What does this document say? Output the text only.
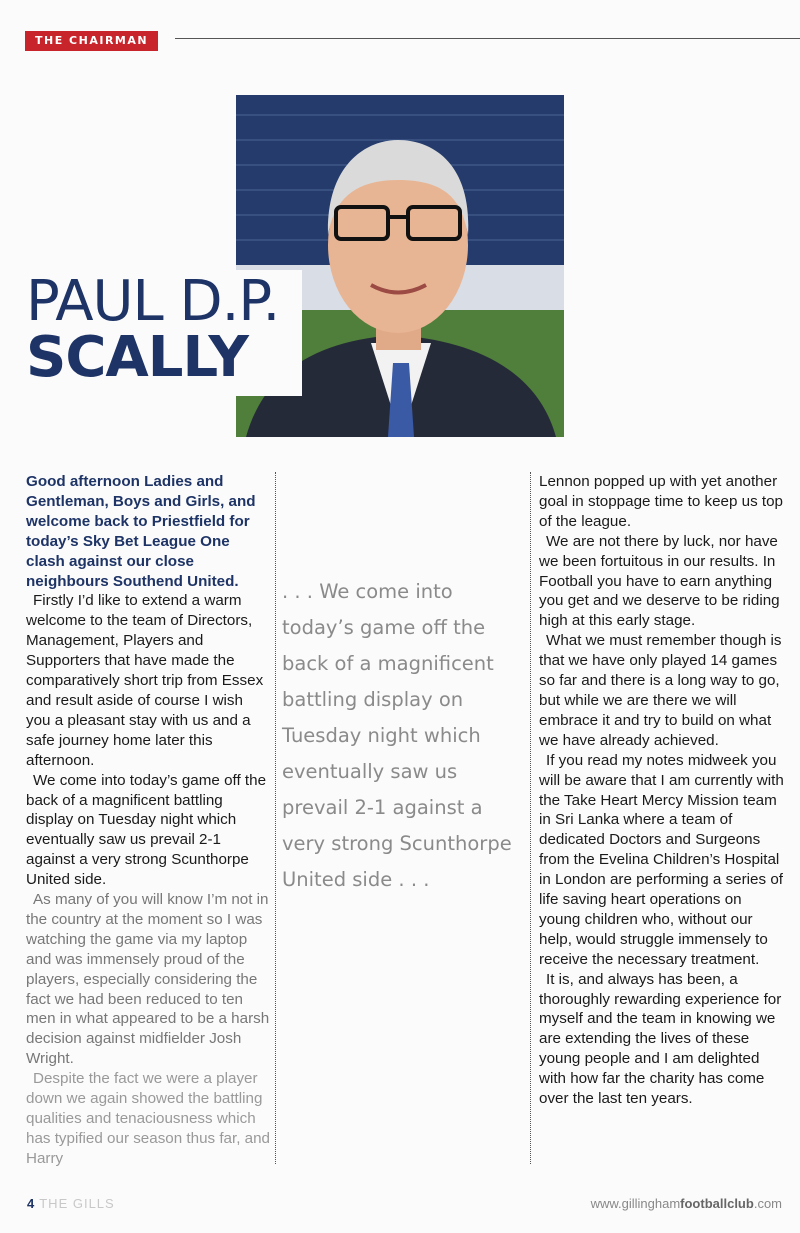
THE CHAIRMAN
PAUL D.P.
SCALLY

Good afternoon Ladies and Gentleman, Boys and Girls, and welcome back to Priestfield for today’s Sky Bet League One clash against our close neighbours Southend United.

Firstly I’d like to extend a warm welcome to the team of Directors, Management, Players and Supporters that have made the comparatively short trip from Essex and result aside of course I wish you a pleasant stay with us and a safe journey home later this afternoon.

We come into today’s game off the back of a magnificent battling display on Tuesday night which eventually saw us prevail 2-1 against a very strong Scunthorpe United side.

As many of you will know I’m not in the country at the moment so I was watching the game via my laptop and was immensely proud of the players, especially considering the fact we had been reduced to ten men in what appeared to be a harsh decision against midfielder Josh Wright.

Despite the fact we were a player down we again showed the battling qualities and tenaciousness which has typified our season thus far, and Harry

. . . We come into today’s game off the back of a magnificent battling display on Tuesday night which eventually saw us prevail 2-1 against a very strong Scunthorpe United side . . .

Lennon popped up with yet another goal in stoppage time to keep us top of the league.

We are not there by luck, nor have we been fortuitous in our results. In Football you have to earn anything you get and we deserve to be riding high at this early stage.

What we must remember though is that we have only played 14 games so far and there is a long way to go, but while we are there we will embrace it and try to build on what we have already achieved.

If you read my notes midweek you will be aware that I am currently with the Take Heart Mercy Mission team in Sri Lanka where a team of dedicated Doctors and Surgeons from the Evelina Children’s Hospital in London are performing a series of life saving heart operations on young children who, without our help, would struggle immensely to receive the necessary treatment.

It is, and always has been, a thoroughly rewarding experience for myself and the team in knowing we are extending the lives of these young people and I am delighted with how far the charity has come over the last ten years.

4 THE GILLS	www.gillinghamfootballclub.com
